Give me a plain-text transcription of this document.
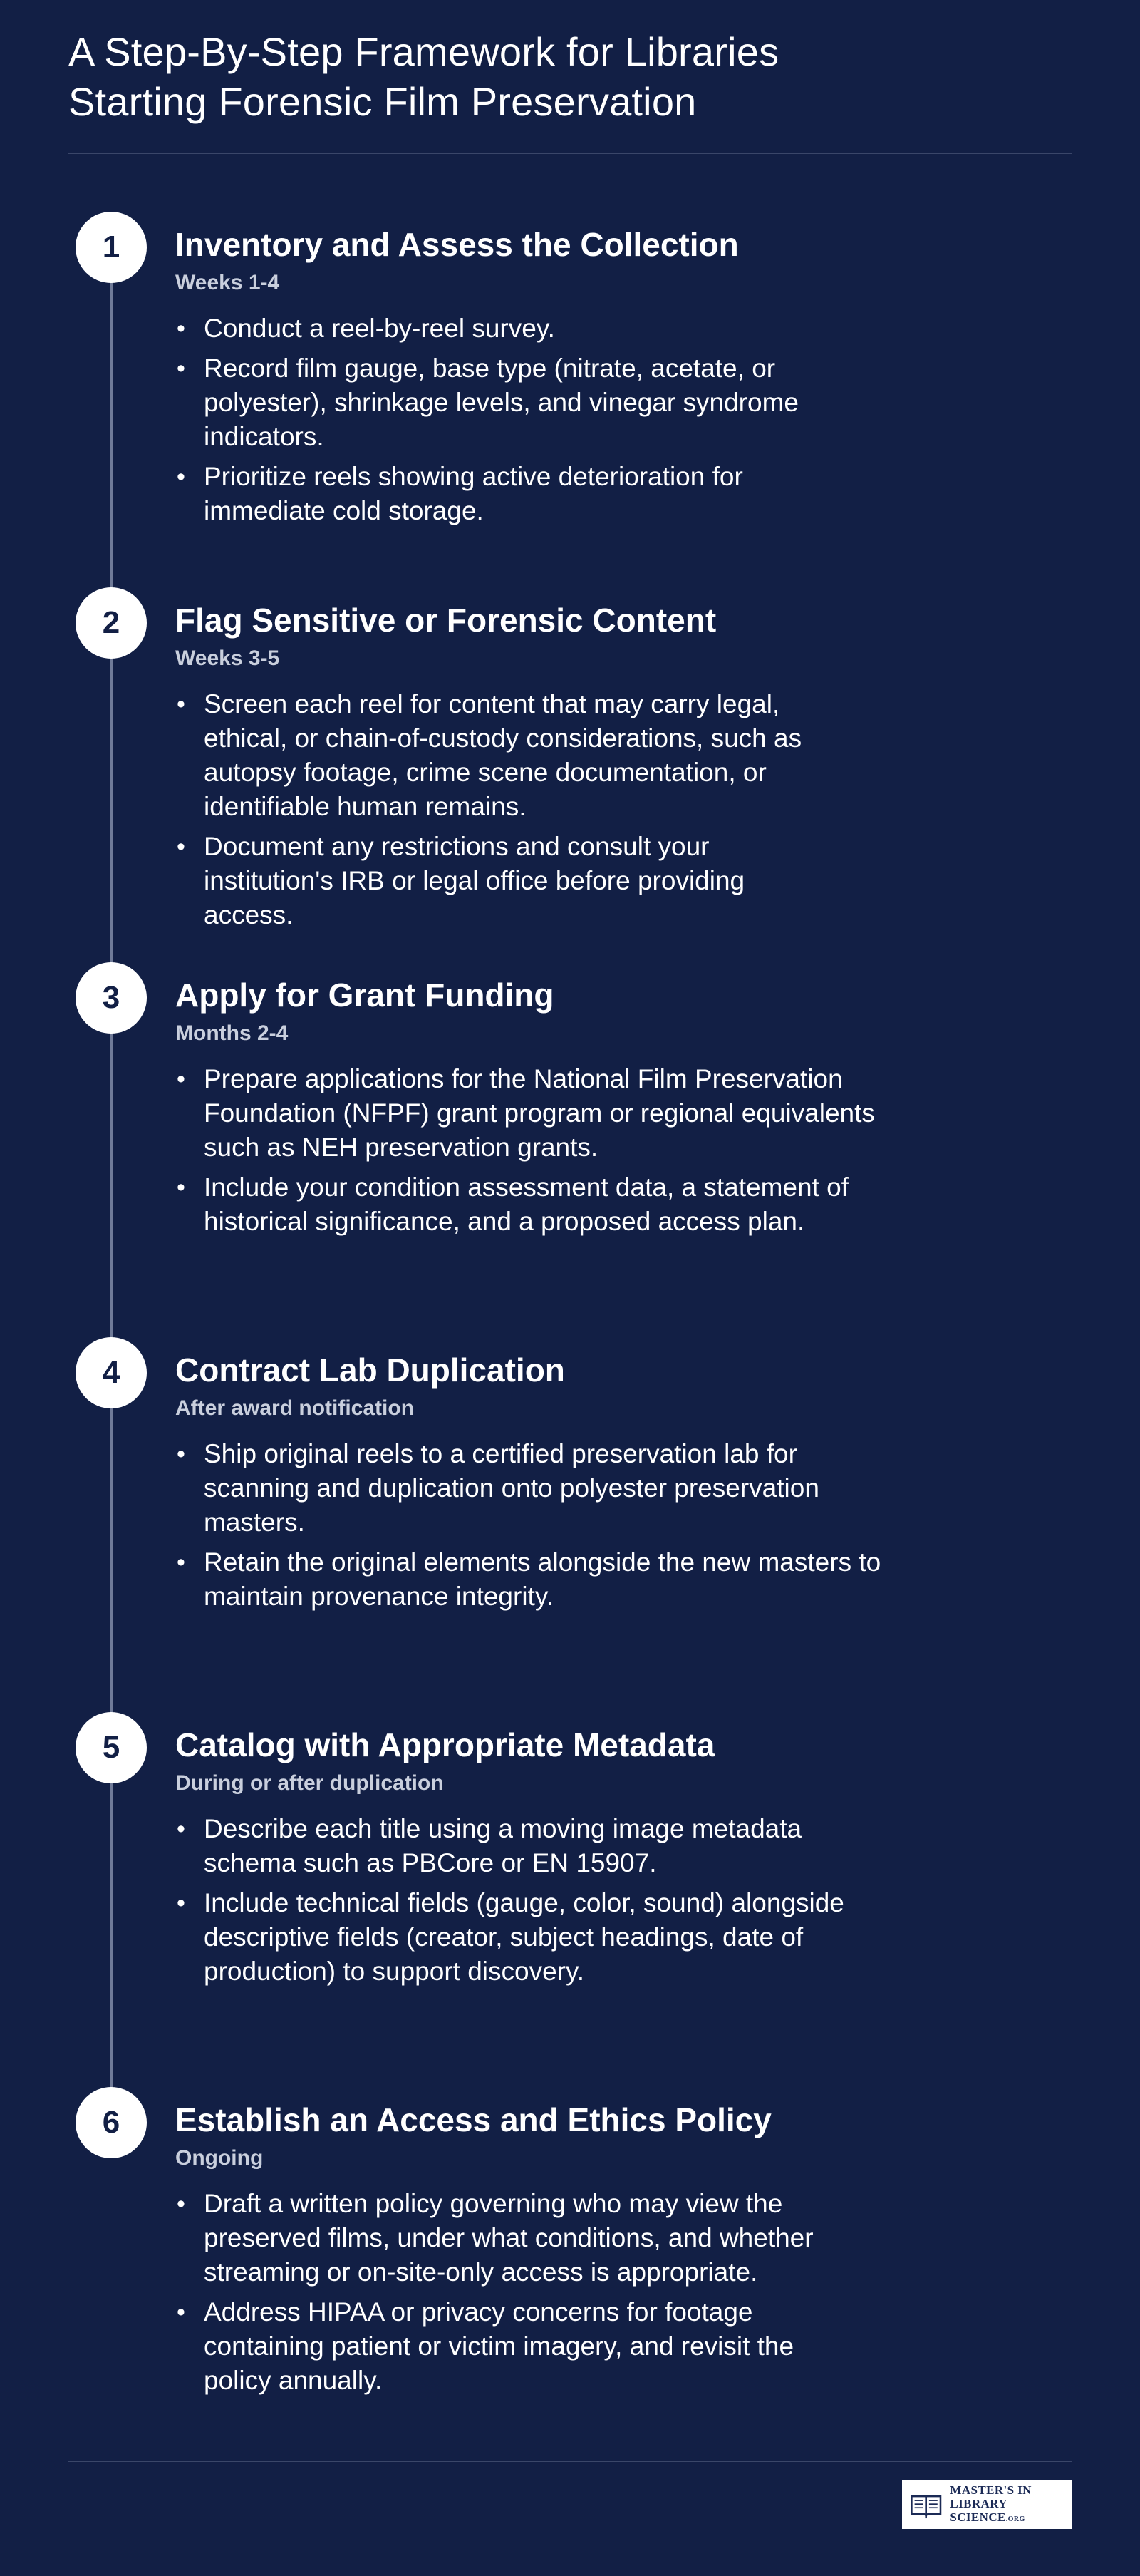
A Step-By-Step Framework for Libraries
Starting Forensic Film Preservation
1	Inventory and Assess the Collection
Weeks 1-4
• Conduct a reel-by-reel survey.
• Record film gauge, base type (nitrate, acetate, or polyester), shrinkage levels, and vinegar syndrome indicators.
• Prioritize reels showing active deterioration for immediate cold storage.
2	Flag Sensitive or Forensic Content
Weeks 3-5
• Screen each reel for content that may carry legal, ethical, or chain-of-custody considerations, such as autopsy footage, crime scene documentation, or identifiable human remains.
• Document any restrictions and consult your institution's IRB or legal office before providing access.
3	Apply for Grant Funding
Months 2-4
• Prepare applications for the National Film Preservation Foundation (NFPF) grant program or regional equivalents such as NEH preservation grants.
• Include your condition assessment data, a statement of historical significance, and a proposed access plan.
4	Contract Lab Duplication
After award notification
• Ship original reels to a certified preservation lab for scanning and duplication onto polyester preservation masters.
• Retain the original elements alongside the new masters to maintain provenance integrity.
5	Catalog with Appropriate Metadata
During or after duplication
• Describe each title using a moving image metadata schema such as PBCore or EN 15907.
• Include technical fields (gauge, color, sound) alongside descriptive fields (creator, subject headings, date of production) to support discovery.
6	Establish an Access and Ethics Policy
Ongoing
• Draft a written policy governing who may view the preserved films, under what conditions, and whether streaming or on-site-only access is appropriate.
• Address HIPAA or privacy concerns for footage containing patient or victim imagery, and revisit the policy annually.
MASTER'S IN
LIBRARY SCIENCE.ORG
